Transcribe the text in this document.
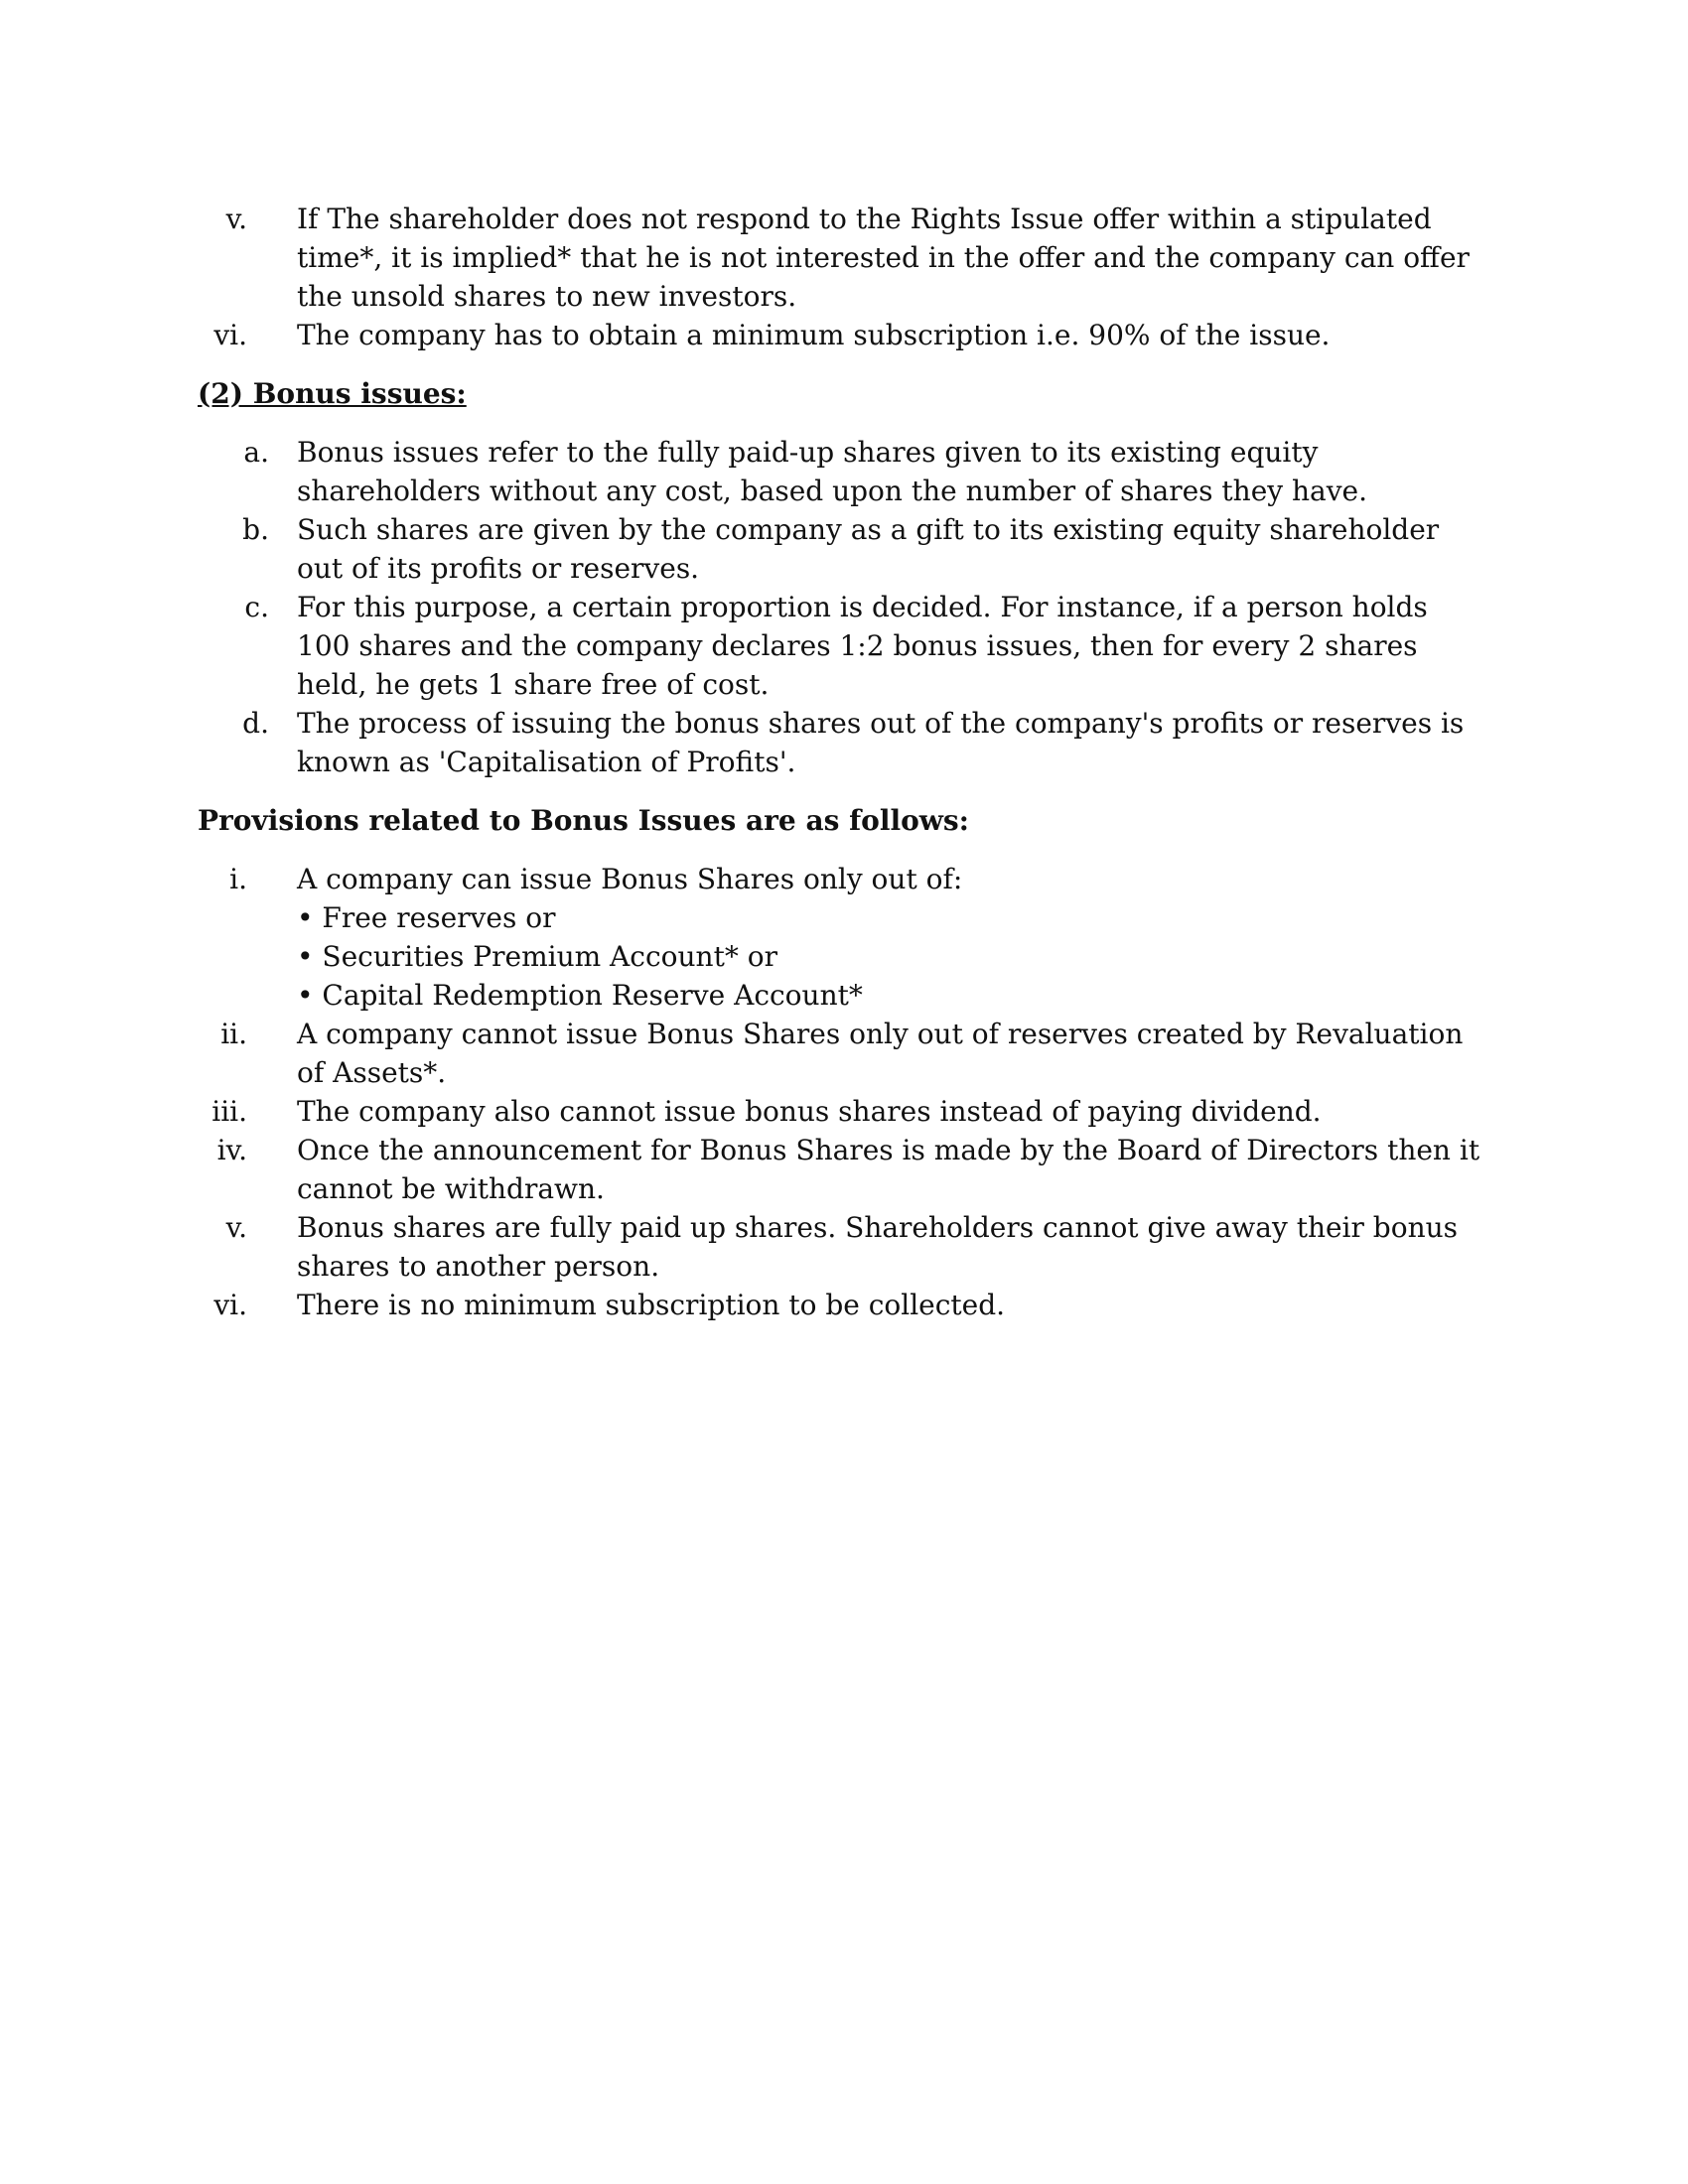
v. If The shareholder does not respond to the Rights Issue offer within a stipulated time*, it is implied* that he is not interested in the offer and the company can offer the unsold shares to new investors.
vi. The company has to obtain a minimum subscription i.e. 90% of the issue.

(2) Bonus issues:

a. Bonus issues refer to the fully paid-up shares given to its existing equity shareholders without any cost, based upon the number of shares they have.
b. Such shares are given by the company as a gift to its existing equity shareholder out of its profits or reserves.
c. For this purpose, a certain proportion is decided. For instance, if a person holds 100 shares and the company declares 1:2 bonus issues, then for every 2 shares held, he gets 1 share free of cost.
d. The process of issuing the bonus shares out of the company's profits or reserves is known as 'Capitalisation of Profits'.

Provisions related to Bonus Issues are as follows:

i. A company can issue Bonus Shares only out of:
• Free reserves or
• Securities Premium Account* or
• Capital Redemption Reserve Account*
ii. A company cannot issue Bonus Shares only out of reserves created by Revaluation of Assets*.
iii. The company also cannot issue bonus shares instead of paying dividend.
iv. Once the announcement for Bonus Shares is made by the Board of Directors then it cannot be withdrawn.
v. Bonus shares are fully paid up shares. Shareholders cannot give away their bonus shares to another person.
vi. There is no minimum subscription to be collected.
